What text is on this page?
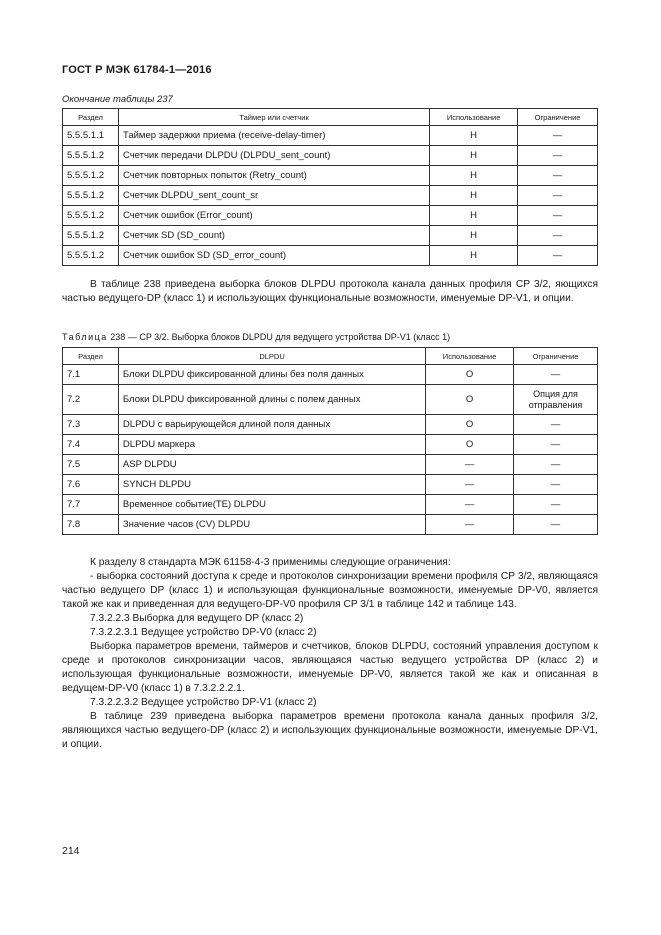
ГОСТ Р МЭК 61784-1—2016
Окончание таблицы 237
Раздел	Таймер или счетчик	Использование	Ограничение
5.5.5.1.1	Таймер задержки приема (receive-delay-timer)	Н	—
5.5.5.1.2	Счетчик передачи DLPDU (DLPDU_sent_count)	Н	—
5.5.5.1.2	Счетчик повторных попыток (Retry_count)	Н	—
5.5.5.1.2	Счетчик DLPDU_sent_count_sr	Н	—
5.5.5.1.2	Счетчик ошибок (Error_count)	Н	—
5.5.5.1.2	Счетчик SD (SD_count)	Н	—
5.5.5.1.2	Счетчик ошибок SD (SD_error_count)	Н	—

В таблице 238 приведена выборка блоков DLPDU протокола канала данных профиля CP 3/2, яющихся частью ведущего-DP (класс 1) и использующих функциональные возможности, именуемые DP-V1, и опции.

Таблица 238 — CP 3/2. Выборка блоков DLPDU для ведущего устройства DP-V1 (класс 1)
Раздел	DLPDU	Использование	Ограничение
7.1	Блоки DLPDU фиксированной длины без поля данных	О	—
7.2	Блоки DLPDU фиксированной длины с полем данных	О	Опция для отправления
7.3	DLPDU с варьирующейся длиной поля данных	О	—
7.4	DLPDU маркера	О	—
7.5	ASP DLPDU	—	—
7.6	SYNCH DLPDU	—	—
7.7	Временное событие(TE) DLPDU	—	—
7.8	Значение часов (CV) DLPDU	—	—

К разделу 8 стандарта МЭК 61158-4-3 применимы следующие ограничения:

- выборка состояний доступа к среде и протоколов синхронизации времени профиля CP 3/2, являющаяся частью ведущего DP (класс 1) и использующая функциональные возможности, именуемые DP-V0, является такой же как и приведенная для ведущего-DP-V0 профиля CP 3/1 в таблице 142 и таблице 143.

7.3.2.2.3 Выборка для ведущего DP (класс 2)

7.3.2.2.3.1 Ведущее устройство DP-V0 (класс 2)

Выборка параметров времени, таймеров и счетчиков, блоков DLPDU, состояний управления доступом к среде и протоколов синхронизации часов, являющаяся частью ведущего устройства DP (класс 2) и использующая функциональные возможности, именуемые DP-V0, является такой же как и описанная в ведущем-DP-V0 (класс 1) в 7.3.2.2.2.1.

7.3.2.2.3.2 Ведущее устройство DP-V1 (класс 2)

В таблице 239 приведена выборка параметров времени протокола канала данных профиля 3/2, являющихся частью ведущего-DP (класс 2) и использующих функциональные возможности, именуемые DP-V1, и опции.

214
